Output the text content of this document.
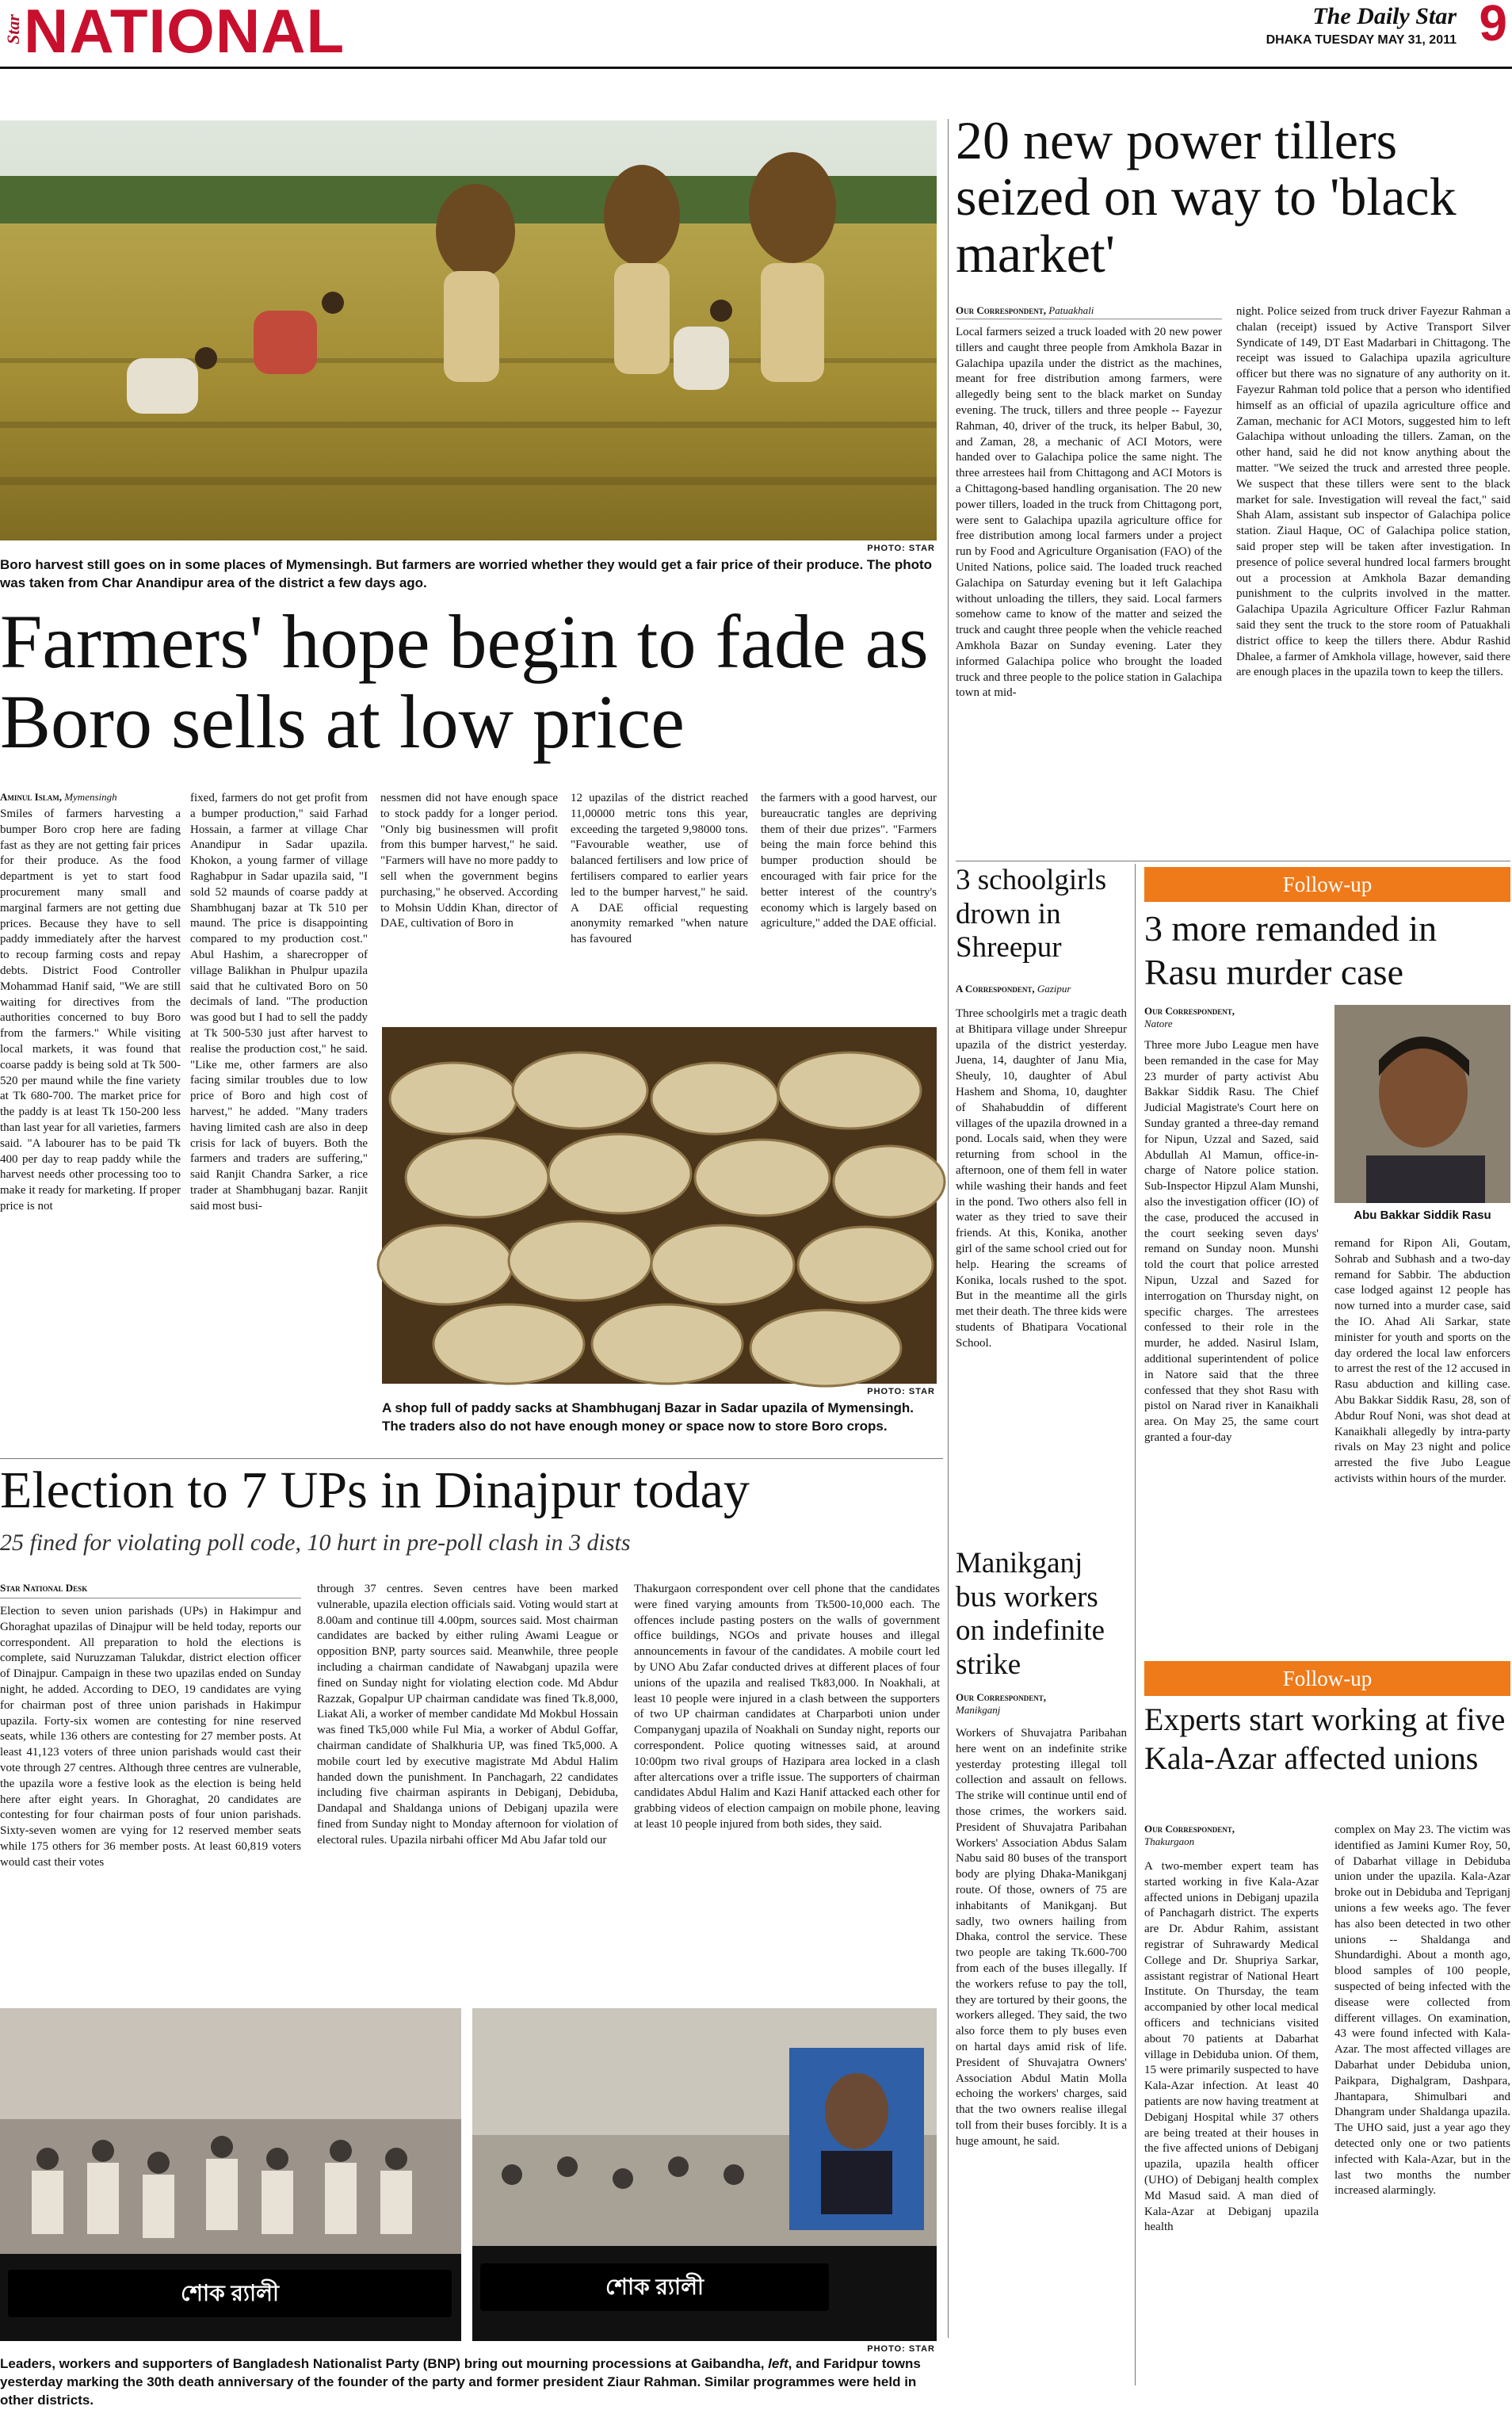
Star NATIONAL	The Daily Star
DHAKA TUESDAY MAY 31, 2011 9
PHOTO: STAR
Boro harvest still goes on in some places of Mymensingh. But farmers are worried whether they would get a fair price of their produce. The photo was taken from Char Anandipur area of the district a few days ago.
Farmers' hope begin to fade as Boro sells at low price
Aminul Islam, Mymensingh
Smiles of farmers harvesting a bumper Boro crop here are fading fast as they are not getting fair prices for their produce. As the food department is yet to start food procurement many small and marginal farmers are not getting due prices. Because they have to sell paddy immediately after the harvest to recoup farming costs and repay debts. District Food Controller Mohammad Hanif said, "We are still waiting for directives from the authorities concerned to buy Boro from the farmers." While visiting local markets, it was found that coarse paddy is being sold at Tk 500-520 per maund while the fine variety at Tk 680-700. The market price for the paddy is at least Tk 150-200 less than last year for all varieties, farmers said. "A labourer has to be paid Tk 400 per day to reap paddy while the harvest needs other processing too to make it ready for marketing. If proper price is not
fixed, farmers do not get profit from a bumper production," said Farhad Hossain, a farmer at village Char Anandipur in Sadar upazila. Khokon, a young farmer of village Raghabpur in Sadar upazila said, "I sold 52 maunds of coarse paddy at Shambhuganj bazar at Tk 510 per maund. The price is disappointing compared to my production cost." Abul Hashim, a sharecropper of village Balikhan in Phulpur upazila said that he cultivated Boro on 50 decimals of land. "The production was good but I had to sell the paddy at Tk 500-530 just after harvest to realise the production cost," he said. "Like me, other farmers are also facing similar troubles due to low price of Boro and high cost of harvest," he added. "Many traders having limited cash are also in deep crisis for lack of buyers. Both the farmers and traders are suffering," said Ranjit Chandra Sarker, a rice trader at Shambhuganj bazar. Ranjit said most busi-
nessmen did not have enough space to stock paddy for a longer period. "Only big businessmen will profit from this bumper harvest," he said. "Farmers will have no more paddy to sell when the government begins purchasing," he observed. According to Mohsin Uddin Khan, director of DAE, cultivation of Boro in
12 upazilas of the district reached 11,00000 metric tons this year, exceeding the targeted 9,98000 tons. "Favourable weather, use of balanced fertilisers and low price of fertilisers compared to earlier years led to the bumper harvest," he said. A DAE official requesting anonymity remarked "when nature has favoured
the farmers with a good harvest, our bureaucratic tangles are depriving them of their due prizes". "Farmers being the main force behind this bumper production should be encouraged with fair price for the better interest of the country's economy which is largely based on agriculture," added the DAE official.
PHOTO: STAR
A shop full of paddy sacks at Shambhuganj Bazar in Sadar upazila of Mymensingh. The traders also do not have enough money or space now to store Boro crops.
20 new power tillers seized on way to 'black market'
Our Correspondent, Patuakhali
Local farmers seized a truck loaded with 20 new power tillers and caught three people from Amkhola Bazar in Galachipa upazila under the district as the machines, meant for free distribution among farmers, were allegedly being sent to the black market on Sunday evening. The truck, tillers and three people -- Fayezur Rahman, 40, driver of the truck, its helper Babul, 30, and Zaman, 28, a mechanic of ACI Motors, were handed over to Galachipa police the same night. The three arrestees hail from Chittagong and ACI Motors is a Chittagong-based handling organisation. The 20 new power tillers, loaded in the truck from Chittagong port, were sent to Galachipa upazila agriculture office for free distribution among local farmers under a project run by Food and Agriculture Organisation (FAO) of the United Nations, police said. The loaded truck reached Galachipa on Saturday evening but it left Galachipa without unloading the tillers, they said. Local farmers somehow came to know of the matter and seized the truck and caught three people when the vehicle reached Amkhola Bazar on Sunday evening. Later they informed Galachipa police who brought the loaded truck and three people to the police station in Galachipa town at mid-
night. Police seized from truck driver Fayezur Rahman a chalan (receipt) issued by Active Transport Silver Syndicate of 149, DT East Madarbari in Chittagong. The receipt was issued to Galachipa upazila agriculture officer but there was no signature of any authority on it. Fayezur Rahman told police that a person who identified himself as an official of upazila agriculture office and Zaman, mechanic for ACI Motors, suggested him to left Galachipa without unloading the tillers. Zaman, on the other hand, said he did not know anything about the matter. "We seized the truck and arrested three people. We suspect that these tillers were sent to the black market for sale. Investigation will reveal the fact," said Shah Alam, assistant sub inspector of Galachipa police station. Ziaul Haque, OC of Galachipa police station, said proper step will be taken after investigation. In presence of police several hundred local farmers brought out a procession at Amkhola Bazar demanding punishment to the culprits involved in the matter. Galachipa Upazila Agriculture Officer Fazlur Rahman said they sent the truck to the store room of Patuakhali district office to keep the tillers there. Abdur Rashid Dhalee, a farmer of Amkhola village, however, said there are enough places in the upazila town to keep the tillers.
3 schoolgirls drown in Shreepur
A Correspondent, Gazipur
Three schoolgirls met a tragic death at Bhitipara village under Shreepur upazila of the district yesterday. Juena, 14, daughter of Janu Mia, Sheuly, 10, daughter of Abul Hashem and Shoma, 10, daughter of Shahabuddin of different villages of the upazila drowned in a pond. Locals said, when they were returning from school in the afternoon, one of them fell in water while washing their hands and feet in the pond. Two others also fell in water as they tried to save their friends. At this, Konika, another girl of the same school cried out for help. Hearing the screams of Konika, locals rushed to the spot. But in the meantime all the girls met their death. The three kids were students of Bhatipara Vocational School.
Manikganj bus workers on indefinite strike
Our Correspondent,
Manikganj
Workers of Shuvajatra Paribahan here went on an indefinite strike yesterday protesting illegal toll collection and assault on fellows. The strike will continue until end of those crimes, the workers said. President of Shuvajatra Paribahan Workers' Association Abdus Salam Nabu said 80 buses of the transport body are plying Dhaka-Manikganj route. Of those, owners of 75 are inhabitants of Manikganj. But sadly, two owners hailing from Dhaka, control the service. These two people are taking Tk.600-700 from each of the buses illegally. If the workers refuse to pay the toll, they are tortured by their goons, the workers alleged. They said, the two also force them to ply buses even on hartal days amid risk of life. President of Shuvajatra Owners' Association Abdul Matin Molla echoing the workers' charges, said that the two owners realise illegal toll from their buses forcibly. It is a huge amount, he said.
Follow-up
3 more remanded in Rasu murder case
Our Correspondent,
Natore
Three more Jubo League men have been remanded in the case for May 23 murder of party activist Abu Bakkar Siddik Rasu. The Chief Judicial Magistrate's Court here on Sunday granted a three-day remand for Nipun, Uzzal and Sazed, said Abdullah Al Mamun, office-in-charge of Natore police station. Sub-Inspector Hipzul Alam Munshi, also the investigation officer (IO) of the case, produced the accused in the court seeking seven days' remand on Sunday noon. Munshi told the court that police arrested Nipun, Uzzal and Sazed for interrogation on Thursday night, on specific charges. The arrestees confessed to their role in the murder, he added. Nasirul Islam, additional superintendent of police in Natore said that the three confessed that they shot Rasu with pistol on Narad river in Kanaikhali area. On May 25, the same court granted a four-day
Abu Bakkar Siddik Rasu
remand for Ripon Ali, Goutam, Sohrab and Subhash and a two-day remand for Sabbir. The abduction case lodged against 12 people has now turned into a murder case, said the IO. Ahad Ali Sarkar, state minister for youth and sports on the day ordered the local law enforcers to arrest the rest of the 12 accused in Rasu abduction and killing case. Abu Bakkar Siddik Rasu, 28, son of Abdur Rouf Noni, was shot dead at Kanaikhali allegedly by intra-party rivals on May 23 night and police arrested the five Jubo League activists within hours of the murder.
Follow-up
Experts start working at five Kala-Azar affected unions
Our Correspondent,
Thakurgaon
A two-member expert team has started working in five Kala-Azar affected unions in Debiganj upazila of Panchagarh district. The experts are Dr. Abdur Rahim, assistant registrar of Suhrawardy Medical College and Dr. Shupriya Sarkar, assistant registrar of National Heart Institute. On Thursday, the team accompanied by other local medical officers and technicians visited about 70 patients at Dabarhat village in Debiduba union. Of them, 15 were primarily suspected to have Kala-Azar infection. At least 40 patients are now having treatment at Debiganj Hospital while 37 others are being treated at their houses in the five affected unions of Debiganj upazila, upazila health officer (UHO) of Debiganj health complex Md Masud said. A man died of Kala-Azar at Debiganj upazila health
complex on May 23. The victim was identified as Jamini Kumer Roy, 50, of Dabarhat village in Debiduba union under the upazila. Kala-Azar broke out in Debiduba and Tepriganj unions a few weeks ago. The fever has also been detected in two other unions -- Shaldanga and Shundardighi. About a month ago, blood samples of 100 people, suspected of being infected with the disease were collected from different villages. On examination, 43 were found infected with Kala-Azar. The most affected villages are Dabarhat under Debiduba union, Paikpara, Dighalgram, Dashpara, Jhantapara, Shimulbari and Dhangram under Shaldanga upazila. The UHO said, just a year ago they detected only one or two patients infected with Kala-Azar, but in the last two months the number increased alarmingly.
Election to 7 UPs in Dinajpur today
25 fined for violating poll code, 10 hurt in pre-poll clash in 3 dists
Star National Desk
Election to seven union parishads (UPs) in Hakimpur and Ghoraghat upazilas of Dinajpur will be held today, reports our correspondent. All preparation to hold the elections is complete, said Nuruzzaman Talukdar, district election officer of Dinajpur. Campaign in these two upazilas ended on Sunday night, he added. According to DEO, 19 candidates are vying for chairman post of three union parishads in Hakimpur upazila. Forty-six women are contesting for nine reserved seats, while 136 others are contesting for 27 member posts. At least 41,123 voters of three union parishads would cast their vote through 27 centres. Although three centres are vulnerable, the upazila wore a festive look as the election is being held here after eight years. In Ghoraghat, 20 candidates are contesting for four chairman posts of four union parishads. Sixty-seven women are vying for 12 reserved member seats while 175 others for 36 member posts. At least 60,819 voters would cast their votes
through 37 centres. Seven centres have been marked vulnerable, upazila election officials said. Voting would start at 8.00am and continue till 4.00pm, sources said. Most chairman candidates are backed by either ruling Awami League or opposition BNP, party sources said. Meanwhile, three people including a chairman candidate of Nawabganj upazila were fined on Sunday night for violating election code. Md Abdur Razzak, Gopalpur UP chairman candidate was fined Tk.8,000, Liakat Ali, a worker of member candidate Md Mokbul Hossain was fined Tk5,000 while Ful Mia, a worker of Abdul Goffar, chairman candidate of Shalkhuria UP, was fined Tk5,000. A mobile court led by executive magistrate Md Abdul Halim handed down the punishment. In Panchagarh, 22 candidates including five chairman aspirants in Debiganj, Debiduba, Dandapal and Shaldanga unions of Debiganj upazila were fined from Sunday night to Monday afternoon for violation of electoral rules. Upazila nirbahi officer Md Abu Jafar told our
Thakurgaon correspondent over cell phone that the candidates were fined varying amounts from Tk500-10,000 each. The offences include pasting posters on the walls of government office buildings, NGOs and private houses and illegal announcements in favour of the candidates. A mobile court led by UNO Abu Zafar conducted drives at different places of four unions of the upazila and realised Tk83,000. In Noakhali, at least 10 people were injured in a clash between the supporters of two UP chairman candidates at Charparboti union under Companyganj upazila of Noakhali on Sunday night, reports our correspondent. Police quoting witnesses said, at around 10:00pm two rival groups of Hazipara area locked in a clash after altercations over a trifle issue. The supporters of chairman candidates Abdul Halim and Kazi Hanif attacked each other for grabbing videos of election campaign on mobile phone, leaving at least 10 people injured from both sides, they said.
শোক র‍্যালী	শোক র‍্যালী
PHOTO: STAR
Leaders, workers and supporters of Bangladesh Nationalist Party (BNP) bring out mourning processions at Gaibandha, left, and Faridpur towns yesterday marking the 30th death anniversary of the founder of the party and former president Ziaur Rahman. Similar programmes were held in other districts.
